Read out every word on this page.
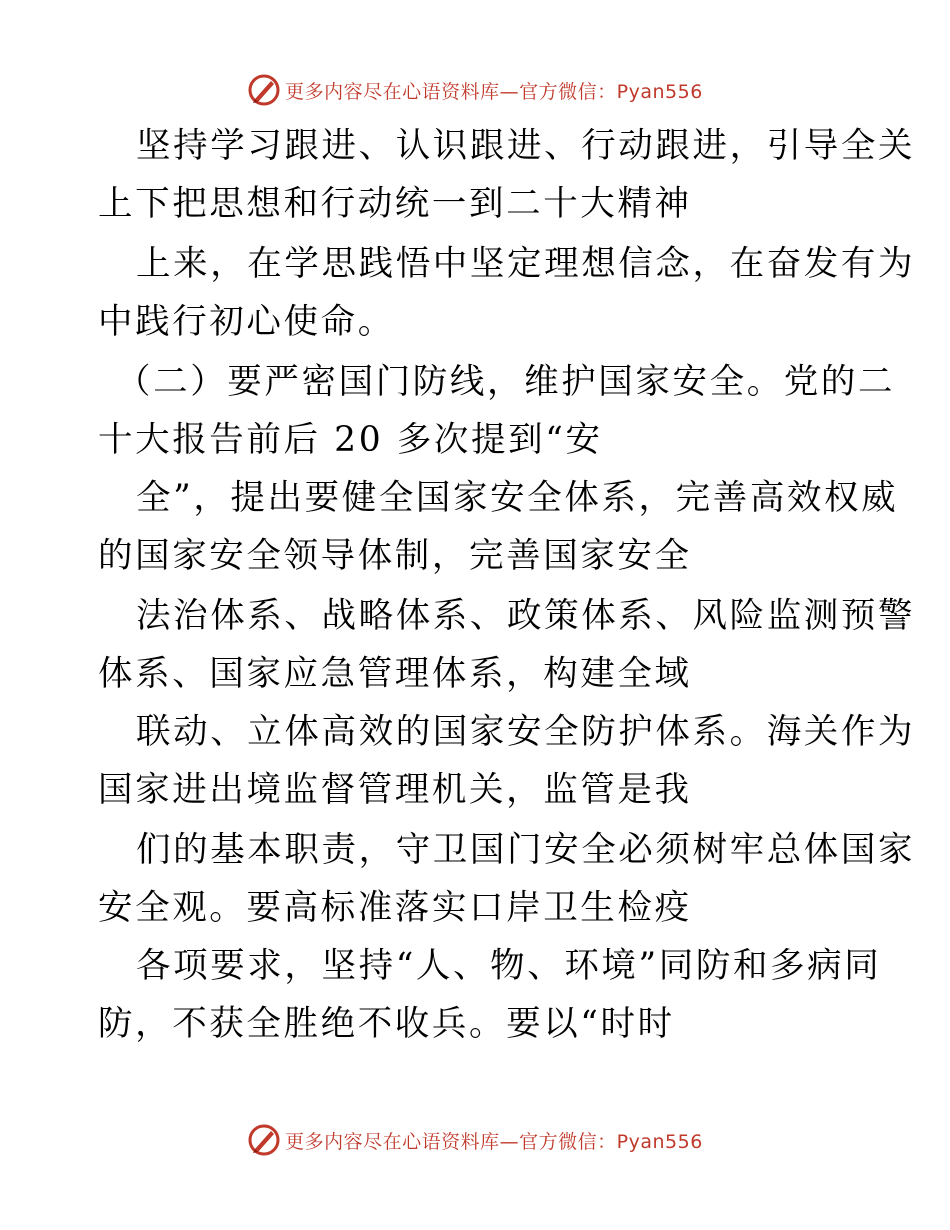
更多内容尽在心语资料库—官方微信：Pyan556
坚持学习跟进、认识跟进、行动跟进，引导全关
上下把思想和行动统一到二十大精神
上来，在学思践悟中坚定理想信念，在奋发有为
中践行初心使命。
（二）要严密国门防线，维护国家安全。党的二
十大报告前后 20 多次提到“安
全”，提出要健全国家安全体系，完善高效权威
的国家安全领导体制，完善国家安全
法治体系、战略体系、政策体系、风险监测预警
体系、国家应急管理体系，构建全域
联动、立体高效的国家安全防护体系。海关作为
国家进出境监督管理机关，监管是我
们的基本职责，守卫国门安全必须树牢总体国家
安全观。要高标准落实口岸卫生检疫
各项要求，坚持“人、物、环境”同防和多病同
防，不获全胜绝不收兵。要以“时时
更多内容尽在心语资料库—官方微信：Pyan556
